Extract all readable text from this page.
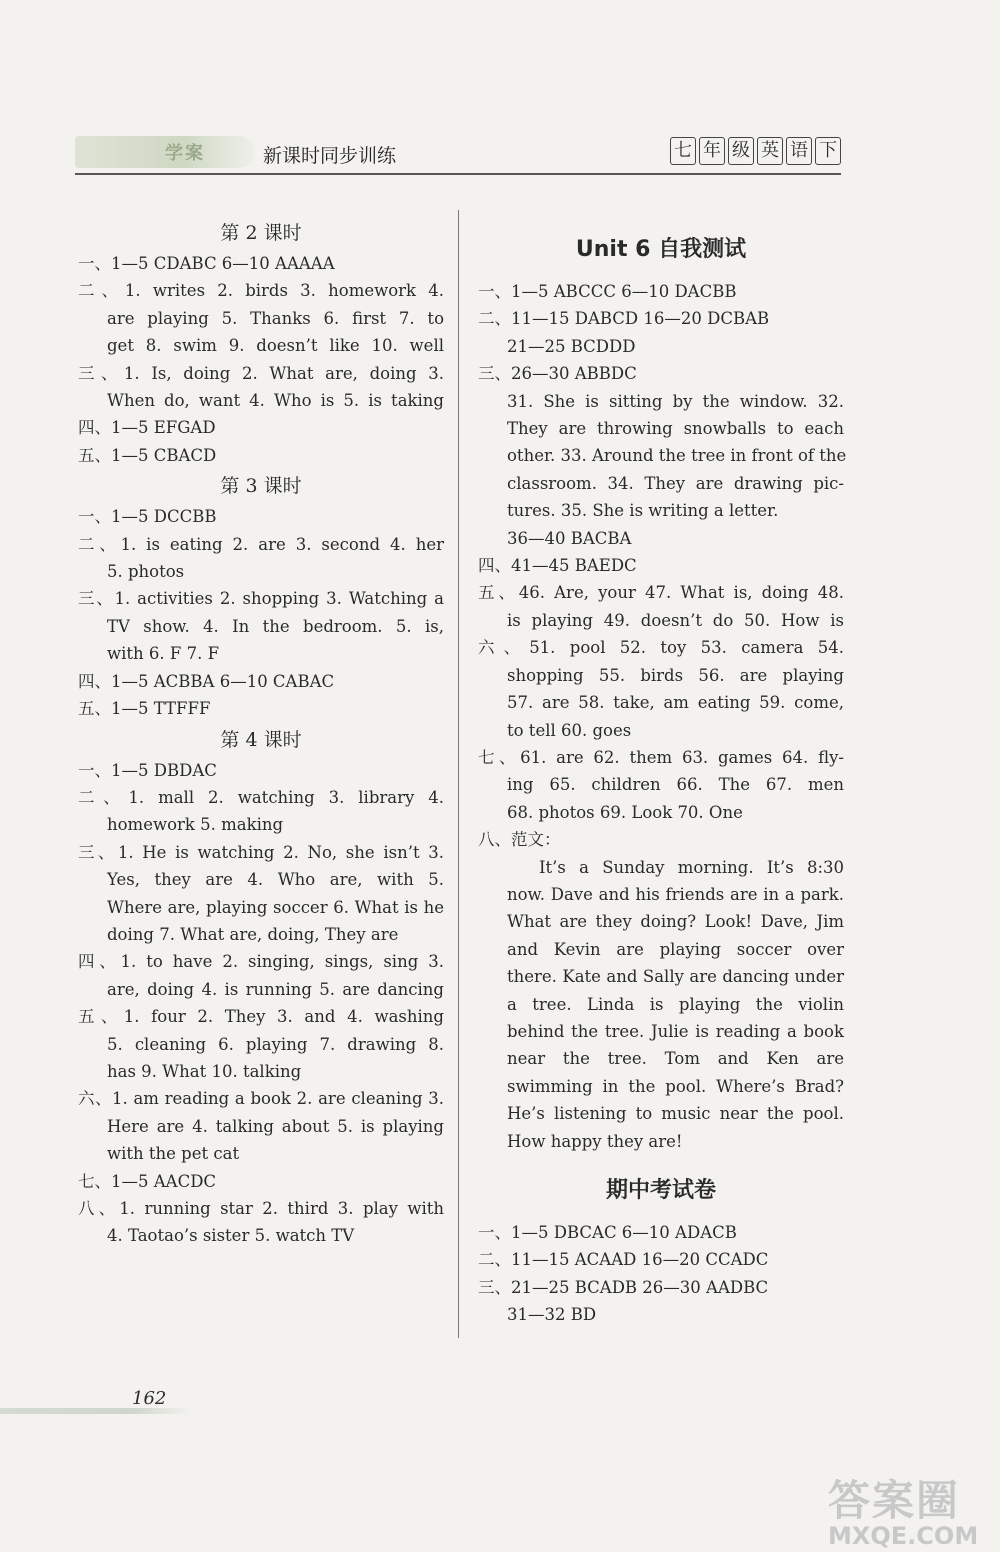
学案	新课时同步训练	七 年 级 英 语 下
第 2 课时
一、1—5 CDABC 6—10 AAAAA
二、1. writes 2. birds 3. homework 4.
are playing 5. Thanks 6. first 7. to
get 8. swim 9. doesn’t like 10. well
三、1. Is, doing 2. What are, doing 3.
When do, want 4. Who is 5. is taking
四、1—5 EFGAD
五、1—5 CBACD
第 3 课时
一、1—5 DCCBB
二、1. is eating 2. are 3. second 4. her
5. photos
三、1. activities 2. shopping 3. Watching a
TV show. 4. In the bedroom. 5. is,
with 6. F 7. F
四、1—5 ACBBA 6—10 CABAC
五、1—5 TTFFF
第 4 课时
一、1—5 DBDAC
二、1. mall 2. watching 3. library 4.
homework 5. making
三、1. He is watching 2. No, she isn’t 3.
Yes, they are 4. Who are, with 5.
Where are, playing soccer 6. What is he
doing 7. What are, doing, They are
四、1. to have 2. singing, sings, sing 3.
are, doing 4. is running 5. are dancing
五、1. four 2. They 3. and 4. washing
5. cleaning 6. playing 7. drawing 8.
has 9. What 10. talking
六、1. am reading a book 2. are cleaning 3.
Here are 4. talking about 5. is playing
with the pet cat
七、1—5 AACDC
八、1. running star 2. third 3. play with
4. Taotao’s sister 5. watch TV
Unit 6 自我测试
一、1—5 ABCCC 6—10 DACBB
二、11—15 DABCD 16—20 DCBAB
21—25 BCDDD
三、26—30 ABBDC
31. She is sitting by the window. 32.
They are throwing snowballs to each
other. 33. Around the tree in front of the
classroom. 34. They are drawing pic-
tures. 35. She is writing a letter.
36—40 BACBA
四、41—45 BAEDC
五、46. Are, your 47. What is, doing 48.
is playing 49. doesn’t do 50. How is
六、51. pool 52. toy 53. camera 54.
shopping 55. birds 56. are playing
57. are 58. take, am eating 59. come,
to tell 60. goes
七、61. are 62. them 63. games 64. fly-
ing 65. children 66. The 67. men
68. photos 69. Look 70. One
八、范文：
It’s a Sunday morning. It’s 8:30 now. Dave and his friends are in a park. What are they doing? Look! Dave, Jim and Kevin are playing soccer over there. Kate and Sally are dancing under a tree. Linda is playing the violin behind the tree. Julie is reading a book near the tree. Tom and Ken are swimming in the pool. Where’s Brad? He’s listening to music near the pool. How happy they are!
期中考试卷
一、1—5 DBCAC 6—10 ADACB
二、11—15 ACAAD 16—20 CCADC
三、21—25 BCADB 26—30 AADBC
31—32 BD
162
答案圈
MXQE.COM
